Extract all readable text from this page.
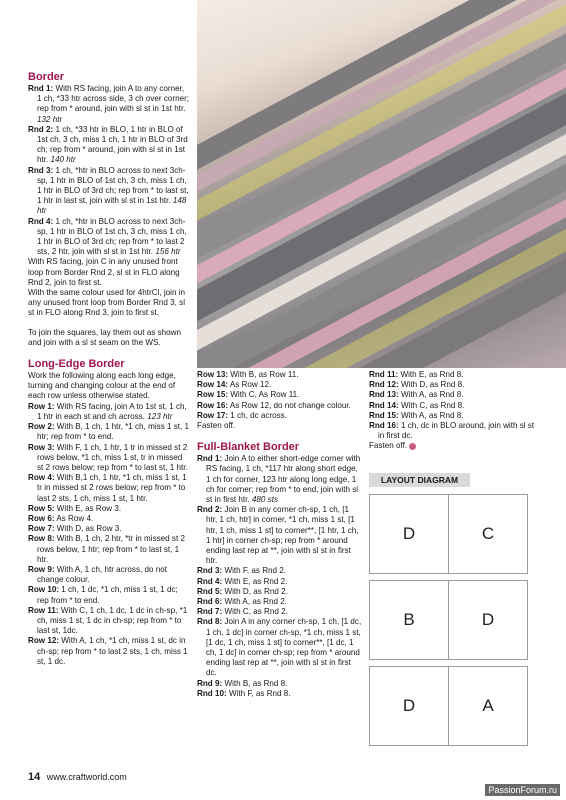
Border

Rnd 1: With RS facing, join A to any corner, 1 ch, *33 htr across side, 3 ch over corner; rep from * around, join with sl st in 1st htr. 132 htr

Rnd 2: 1 ch, *33 htr in BLO, 1 htr in BLO of 1st ch, 3 ch, miss 1 ch, 1 htr in BLO of 3rd ch; rep from * around, join with sl st in 1st htr. 140 htr

Rnd 3: 1 ch, *htr in BLO across to next 3ch-sp, 1 htr in BLO of 1st ch, 3 ch, miss 1 ch, 1 htr in BLO of 3rd ch; rep from * to last st, 1 htr in last st, join with sl st in 1st htr. 148 htr

Rnd 4: 1 ch, *htr in BLO across to next 3ch-sp, 1 htr in BLO of 1st ch, 3 ch, miss 1 ch, 1 htr in BLO of 3rd ch; rep from * to last 2 sts, 2 htr, join with sl st in 1st htr. 156 htr

With RS facing, join C in any unused front loop from Border Rnd 2, sl st in FLO along Rnd 2, join to first st.

With the same colour used for 4htrCl, join in any unused front loop from Border Rnd 3, sl st in FLO along Rnd 3, join to first st.

To join the squares, lay them out as shown and join with a sl st seam on the WS.

Long-Edge Border

Work the following along each long edge, turning and changing colour at the end of each row unless otherwise stated.

Row 1: With RS facing, join A to 1st st, 1 ch, 1 htr in each st and ch across. 123 htr

Row 2: With B, 1 ch, 1 htr, *1 ch, miss 1 st, 1 htr; rep from * to end.

Row 3: With F, 1 ch, 1 htr, 1 tr in missed st 2 rows below, *1 ch, miss 1 st, tr in missed st 2 rows below; rep from * to last st, 1 htr.

Row 4: With B,1 ch, 1 htr, *1 ch, miss 1 st, 1 tr in missed st 2 rows below; rep from * to last 2 sts, 1 ch, miss 1 st, 1 htr.

Row 5: With E, as Row 3.

Row 6: As Row 4.

Row 7: With D, as Row 3.

Row 8: With B, 1 ch, 2 htr, *tr in missed st 2 rows below, 1 htr; rep from * to last st, 1 htr.

Row 9: With A, 1 ch, htr across, do not change colour.

Row 10: 1 ch, 1 dc, *1 ch, miss 1 st, 1 dc; rep from * to end.

Row 11: With C, 1 ch, 1 dc, 1 dc in ch-sp, *1 ch, miss 1 st, 1 dc in ch-sp; rep from * to last st, 1dc.

Row 12: With A, 1 ch, *1 ch, miss 1 st, dc in ch-sp; rep from * to last 2 sts, 1 ch, miss 1 st, 1 dc.

Row 13: With B, as Row 11.

Row 14: As Row 12.

Row 15: With C, As Row 11.

Row 16: As Row 12, do not change colour.

Row 17: 1 ch, dc across.

Fasten off.

Full-Blanket Border

Rnd 1: Join A to either short-edge corner with RS facing, 1 ch, *117 htr along short edge, 1 ch for corner, 123 htr along long edge, 1 ch for corner; rep from * to end, join with sl st in first htr. 480 sts

Rnd 2: Join B in any corner ch-sp, 1 ch, [1 htr, 1 ch, htr] in corner, *1 ch, miss 1 st, [1 htr, 1 ch, miss 1 st] to corner**, [1 htr, 1 ch, 1 htr] in corner ch-sp; rep from * around ending last rep at **, join with sl st in first htr.

Rnd 3: With F, as Rnd 2.

Rnd 4: With E, as Rnd 2.

Rnd 5: With D, as Rnd 2.

Rnd 6: With A, as Rnd 2.

Rnd 7: With C, as Rnd 2.

Rnd 8: Join A in any corner ch-sp, 1 ch, [1 dc, 1 ch, 1 dc] in corner ch-sp, *1 ch, miss 1 st, [1 dc, 1 ch, miss 1 st] to corner**, [1 dc, 1 ch, 1 dc] in corner ch-sp; rep from * around ending last rep at **, join with sl st in first dc.

Rnd 9: With B, as Rnd 8.

Rnd 10: With F, as Rnd 8.

Rnd 11: With E, as Rnd 8.

Rnd 12: With D, as Rnd 8.

Rnd 13: With A, as Rnd 8.

Rnd 14: With C, as Rnd 8.

Rnd 15: With A, as Rnd 8.

Rnd 16: 1 ch, dc in BLO around, join with sl st in first dc.

Fasten off.

LAYOUT DIAGRAM
D	C
B	D
D	A
14 www.craftworld.com
PassionForum.ru
